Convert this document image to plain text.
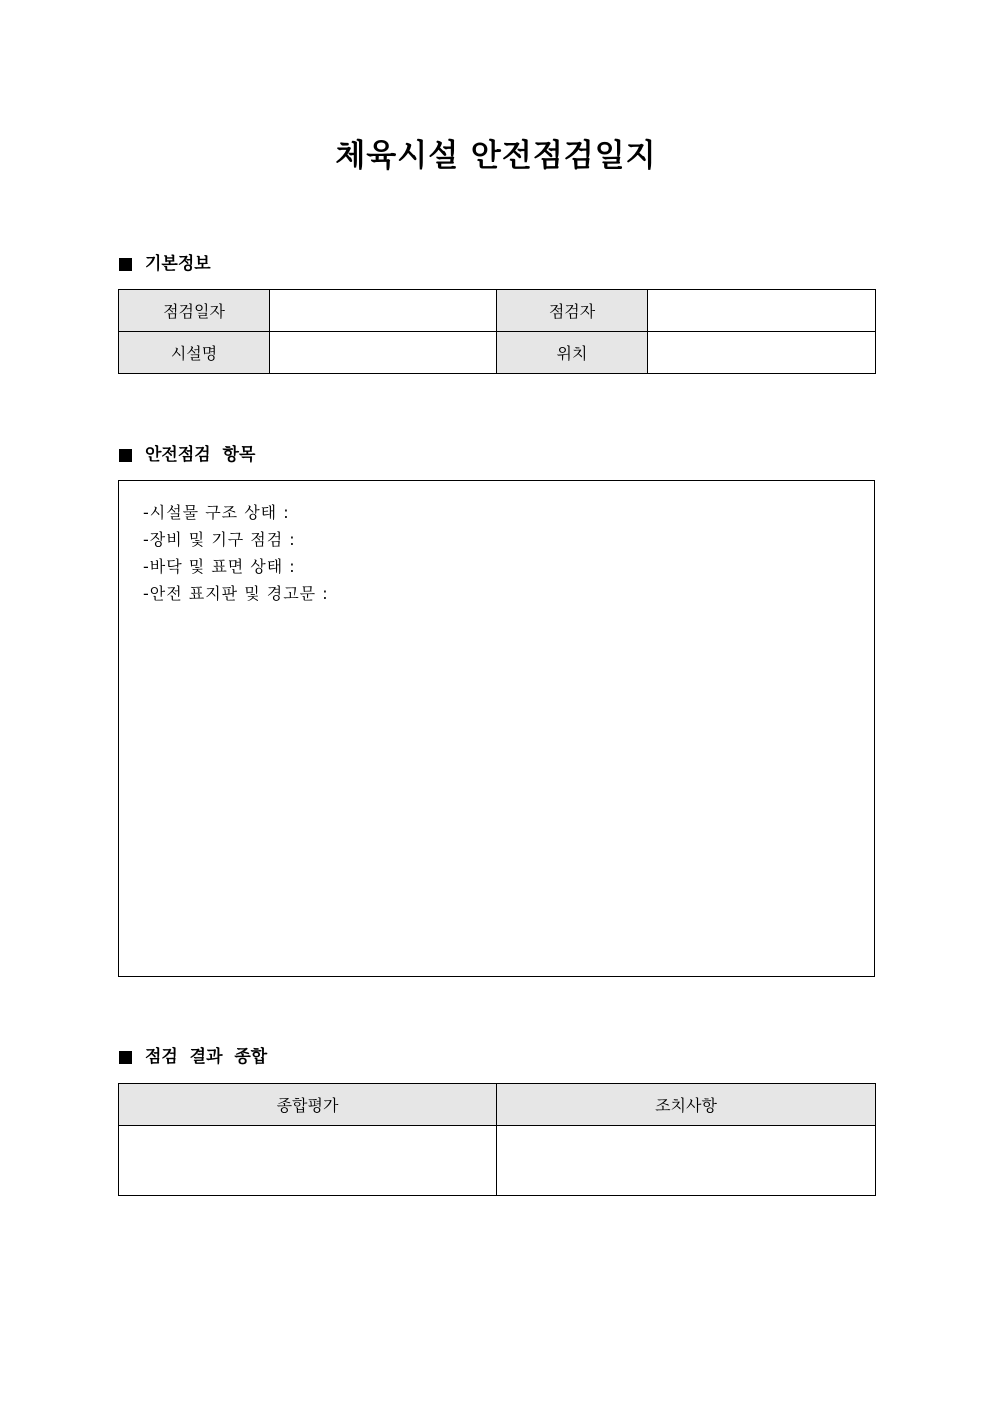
체육시설 안전점검일지
기본정보
점검일자		점검자	
시설명		위치	
안전점검  항목
-시설물 구조 상태 :
-장비 및 기구 점검 :
-바닥 및 표면 상태 :
-안전 표지판 및 경고문 :
점검  결과  종합
종합평가	조치사항
